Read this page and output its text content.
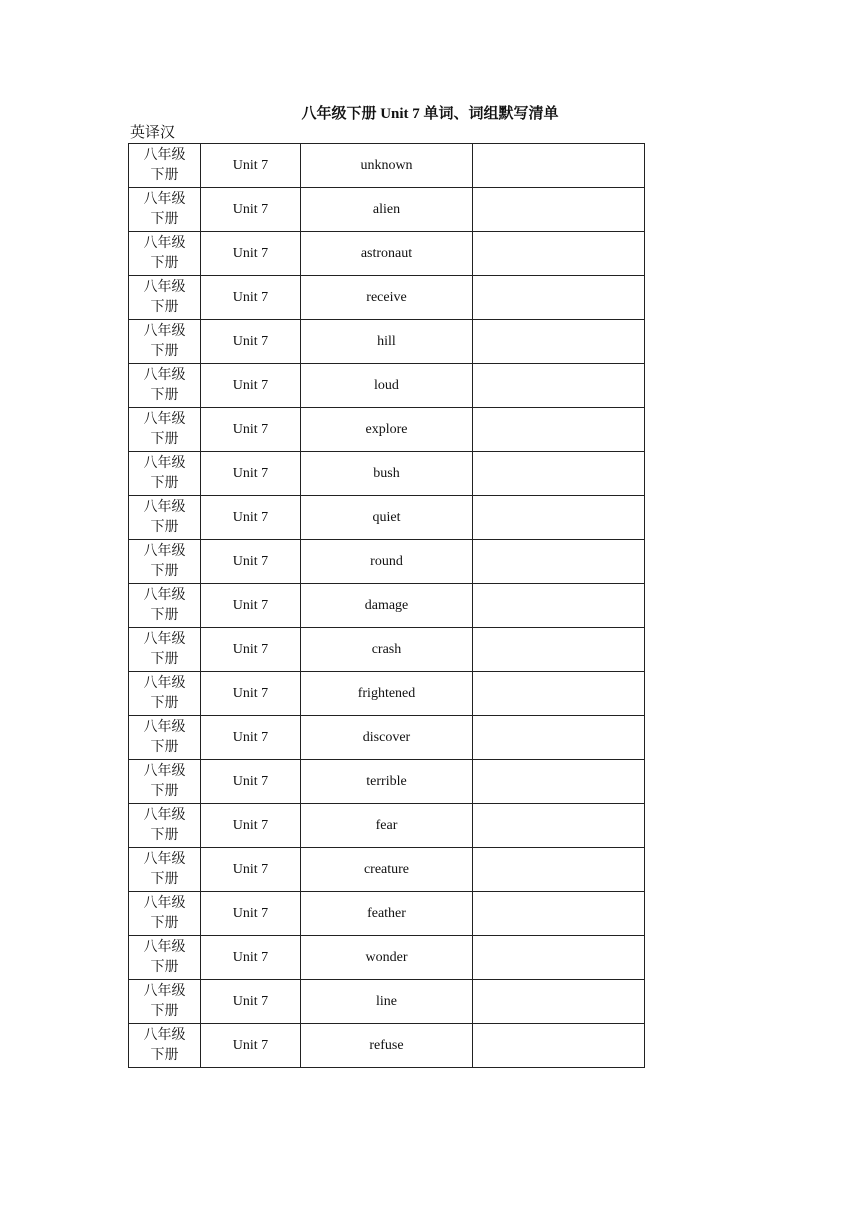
八年级下册 Unit 7 单词、词组默写清单
英译汉
八年级下册	Unit 7	unknown	
八年级下册	Unit 7	alien	
八年级下册	Unit 7	astronaut	
八年级下册	Unit 7	receive	
八年级下册	Unit 7	hill	
八年级下册	Unit 7	loud	
八年级下册	Unit 7	explore	
八年级下册	Unit 7	bush	
八年级下册	Unit 7	quiet	
八年级下册	Unit 7	round	
八年级下册	Unit 7	damage	
八年级下册	Unit 7	crash	
八年级下册	Unit 7	frightened	
八年级下册	Unit 7	discover	
八年级下册	Unit 7	terrible	
八年级下册	Unit 7	fear	
八年级下册	Unit 7	creature	
八年级下册	Unit 7	feather	
八年级下册	Unit 7	wonder	
八年级下册	Unit 7	line	
八年级下册	Unit 7	refuse	
